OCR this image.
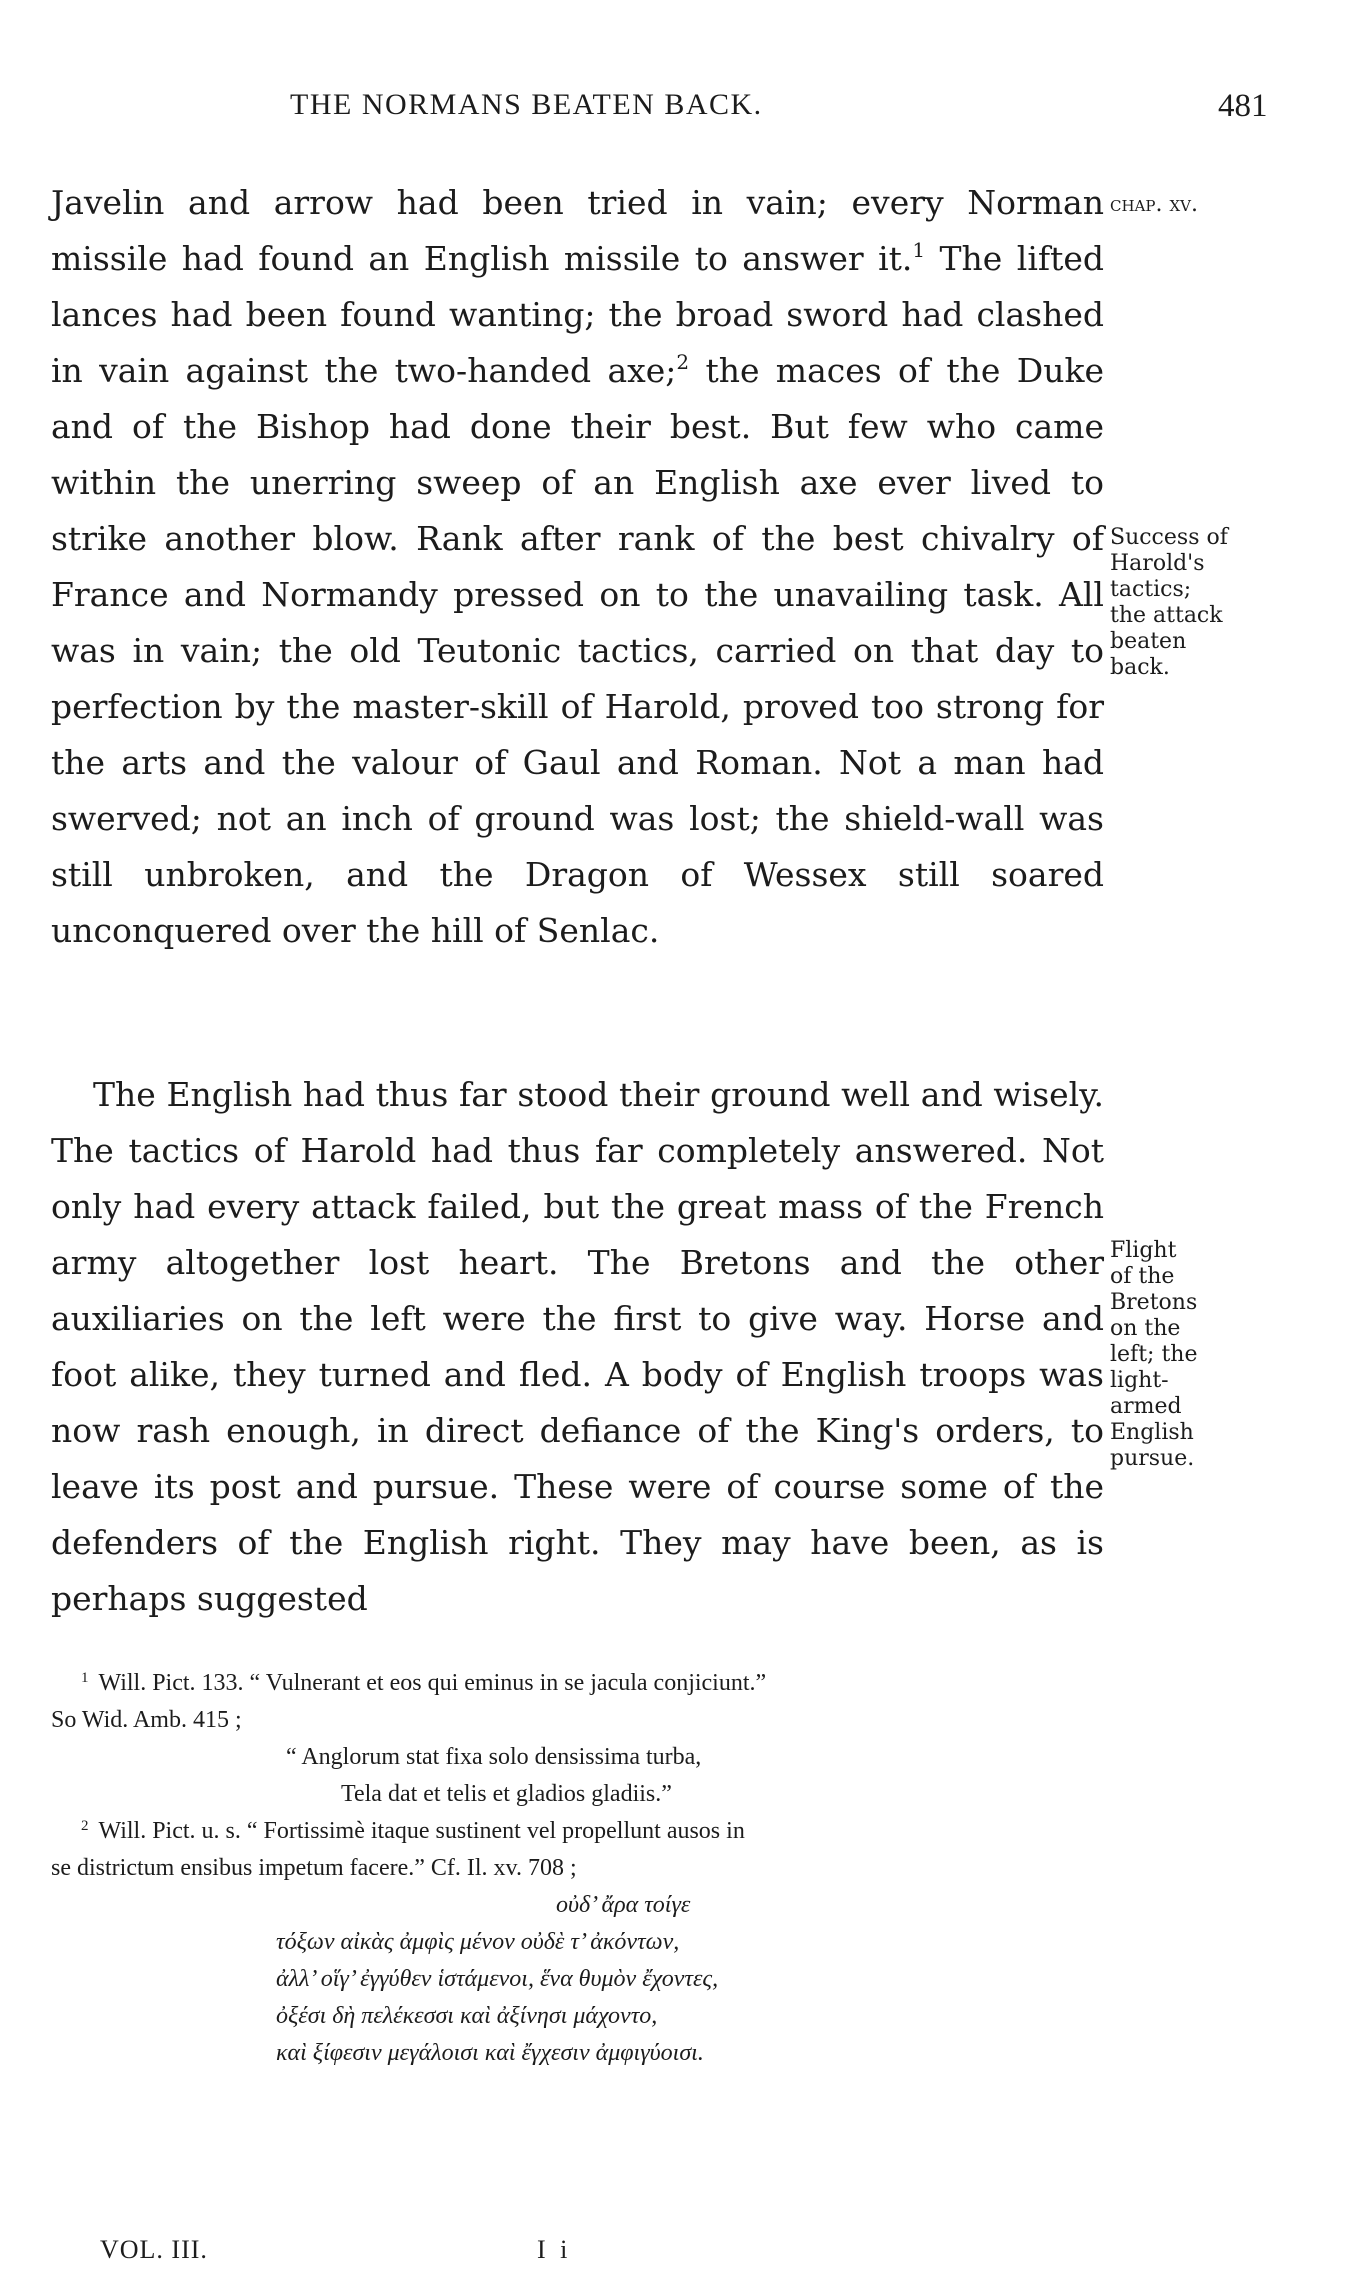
THE NORMANS BEATEN BACK.	481
Javelin and arrow had been tried in vain; every Norman missile had found an English missile to answer it.$^1$ The lifted lances had been found wanting; the broad sword had clashed in vain against the two-handed axe;$^2$ the maces of the Duke and of the Bishop had done their best. But few who came within the unerring sweep of an English axe ever lived to strike another blow. Rank after rank of the best chivalry of France and Normandy pressed on to the unavailing task. All was in vain; the old Teutonic tactics, carried on that day to perfection by the master-skill of Harold, proved too strong for the arts and the valour of Gaul and Roman. Not a man had swerved; not an inch of ground was lost; the shield-wall was still unbroken, and the Dragon of Wessex still soared unconquered over the hill of Senlac.
The English had thus far stood their ground well and wisely. The tactics of Harold had thus far completely answered. Not only had every attack failed, but the great mass of the French army altogether lost heart. The Bretons and the other auxiliaries on the left were the first to give way. Horse and foot alike, they turned and fled. A body of English troops was now rash enough, in direct defiance of the King's orders, to leave its post and pursue. These were of course some of the defenders of the English right. They may have been, as is perhaps suggested
chap. xv.
Success of
Harold's
tactics;
the attack
beaten
back.
Flight
of the
Bretons
on the
left; the
light-
armed
English
pursue.
$^1$ Will. Pict. 133. “ Vulnerant et eos qui eminus in se jacula conjiciunt.”
So Wid. Amb. 415 ;
“ Anglorum stat fixa solo densissima turba,
Tela dat et telis et gladios gladiis.”
$^2$ Will. Pict. u. s. “ Fortissimè itaque sustinent vel propellunt ausos in
se districtum ensibus impetum facere.” Cf. Il. xv. 708 ;
οὐδ’ ἄρα τοίγε
τόξων αἰκὰς ἀμφὶς μένον οὐδὲ τ’ ἀκόντων,
ἀλλ’ οἵγ’ ἐγγύθεν ἱστάμενοι, ἕνα θυμὸν ἔχοντες,
ὀξέσι δὴ πελέκεσσι καὶ ἀξίνησι μάχοντο,
καὶ ξίφεσιν μεγάλοισι καὶ ἔγχεσιν ἀμφιγύοισι.
VOL. III.	I i
